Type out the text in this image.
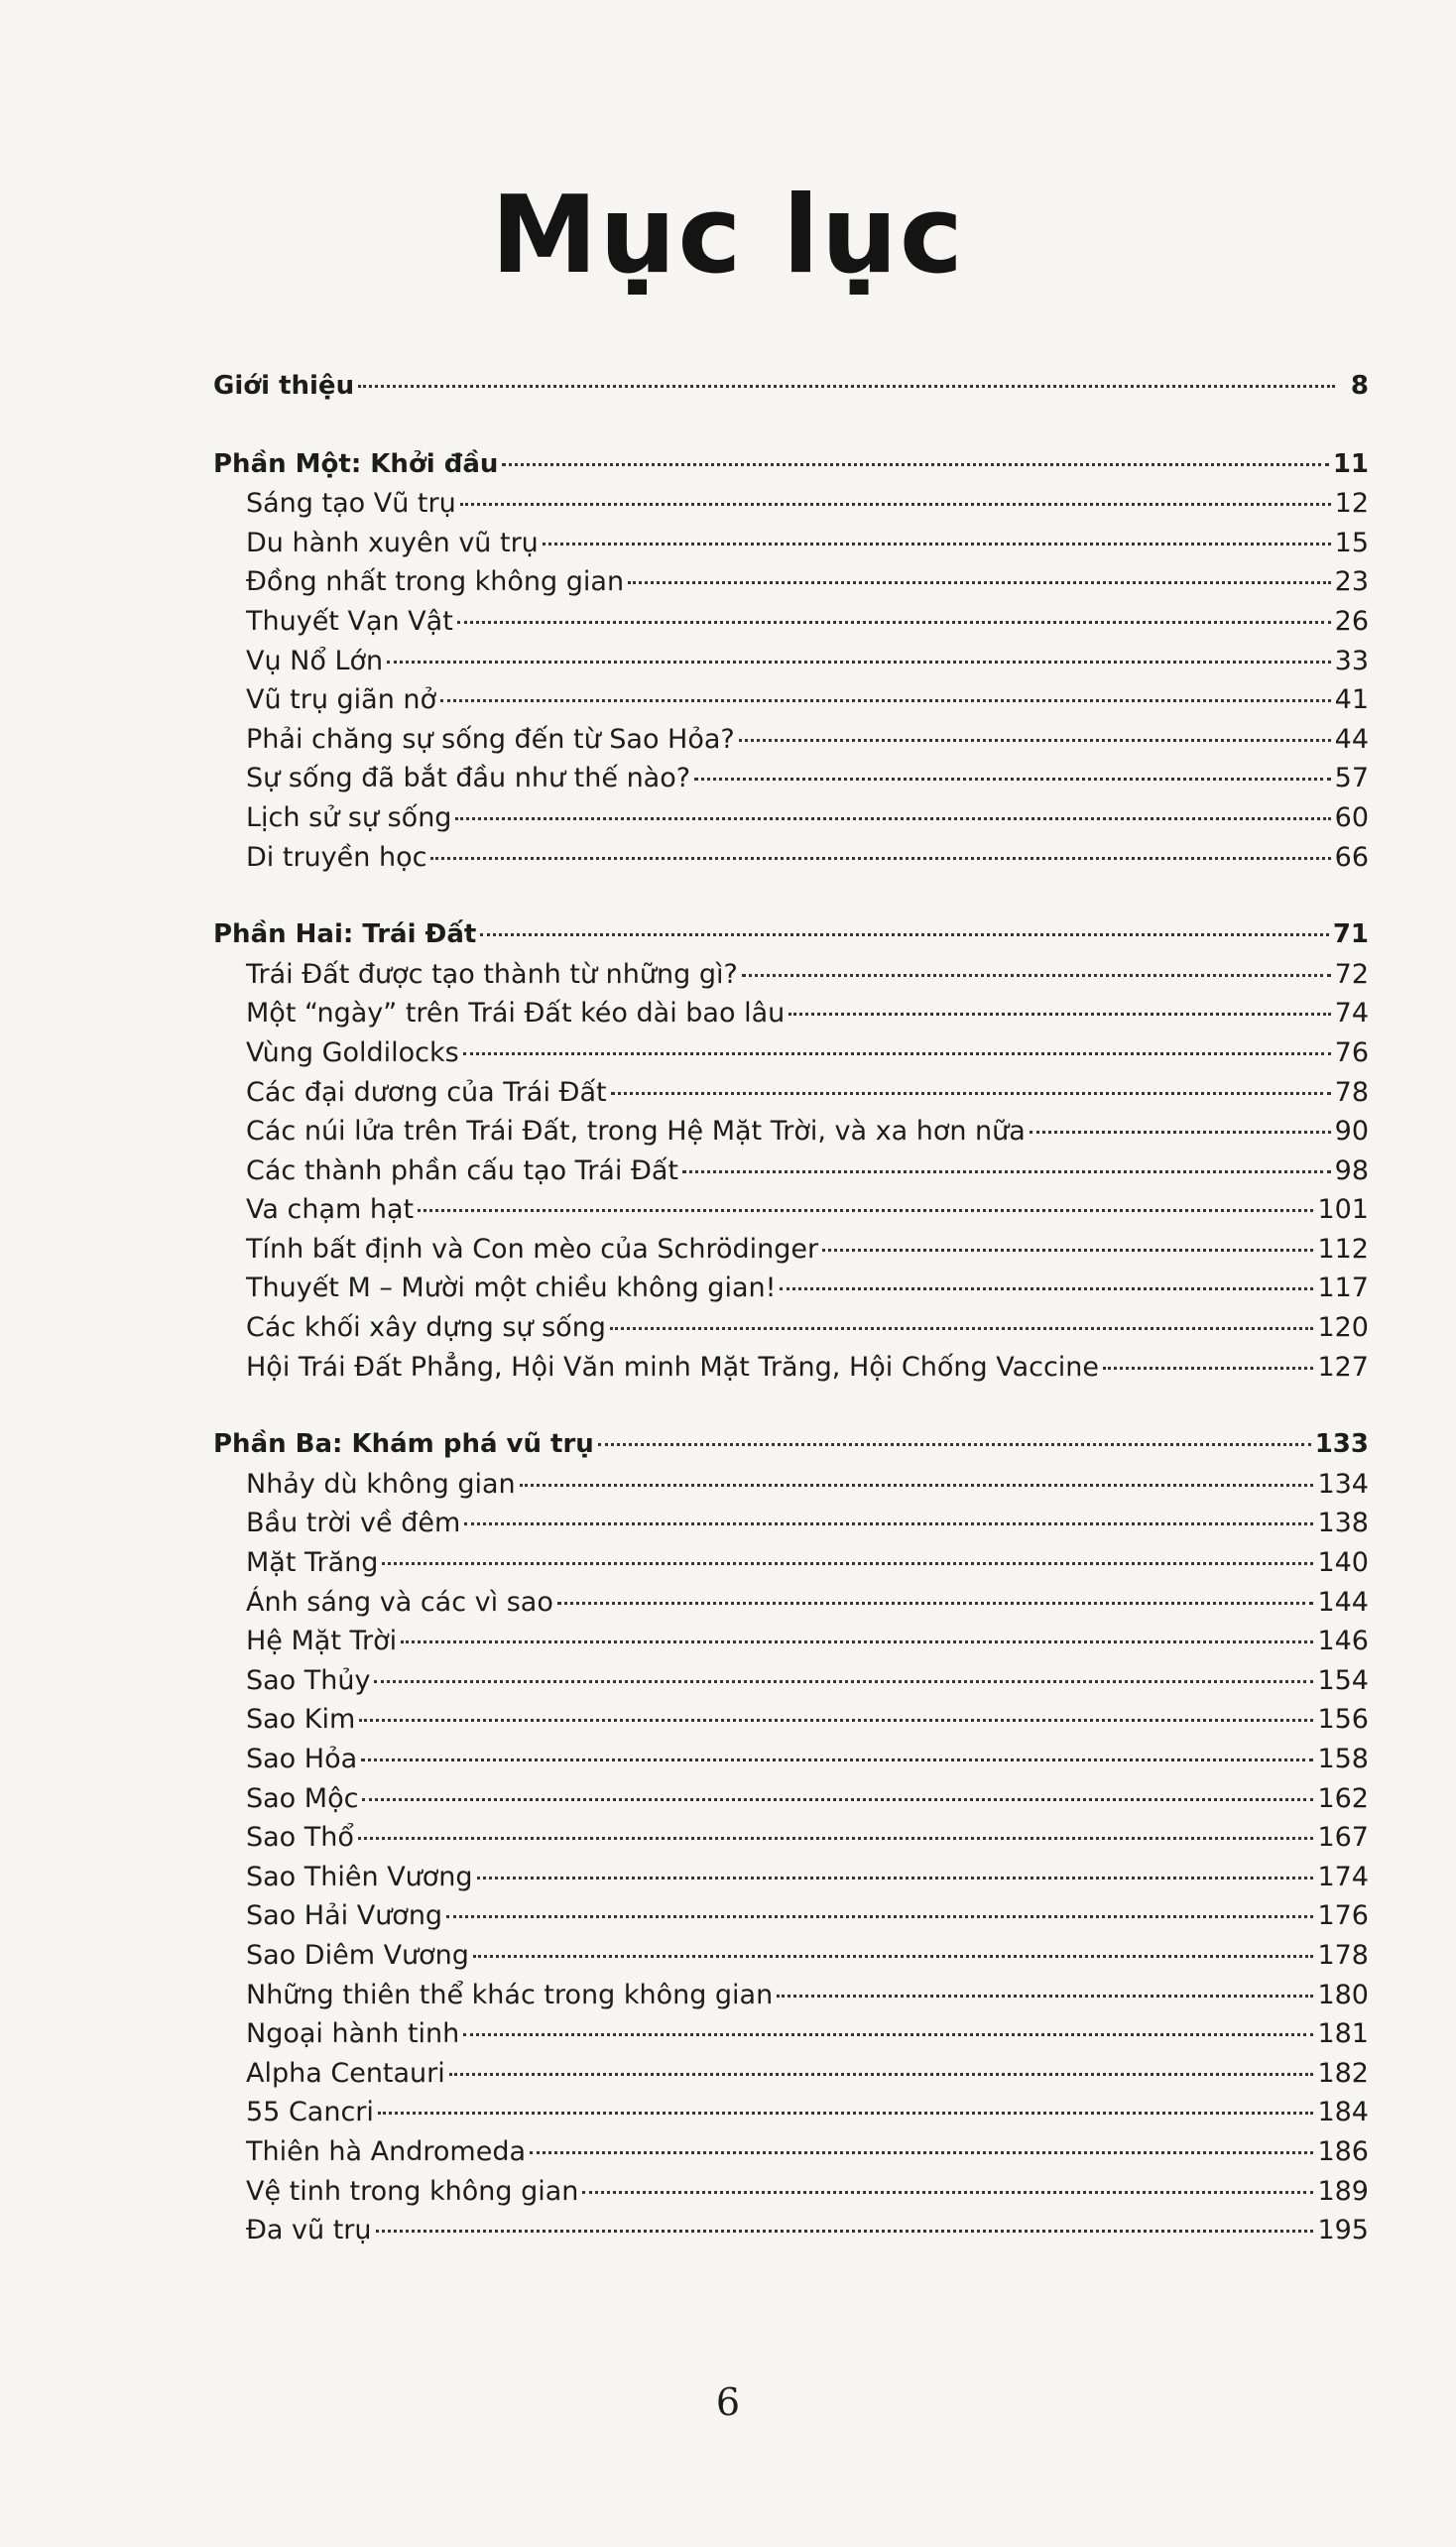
Mục lục
Giới thiệu	8
Phần Một: Khởi đầu	11
Sáng tạo Vũ trụ	12
Du hành xuyên vũ trụ	15
Đồng nhất trong không gian	23
Thuyết Vạn Vật	26
Vụ Nổ Lớn	33
Vũ trụ giãn nở	41
Phải chăng sự sống đến từ Sao Hỏa?	44
Sự sống đã bắt đầu như thế nào?	57
Lịch sử sự sống	60
Di truyền học	66
Phần Hai: Trái Đất	71
Trái Đất được tạo thành từ những gì?	72
Một “ngày” trên Trái Đất kéo dài bao lâu	74
Vùng Goldilocks	76
Các đại dương của Trái Đất	78
Các núi lửa trên Trái Đất, trong Hệ Mặt Trời, và xa hơn nữa	90
Các thành phần cấu tạo Trái Đất	98
Va chạm hạt	101
Tính bất định và Con mèo của Schrödinger	112
Thuyết M – Mười một chiều không gian!	117
Các khối xây dựng sự sống	120
Hội Trái Đất Phẳng, Hội Văn minh Mặt Trăng, Hội Chống Vaccine	127
Phần Ba: Khám phá vũ trụ	133
Nhảy dù không gian	134
Bầu trời về đêm	138
Mặt Trăng	140
Ánh sáng và các vì sao	144
Hệ Mặt Trời	146
Sao Thủy	154
Sao Kim	156
Sao Hỏa	158
Sao Mộc	162
Sao Thổ	167
Sao Thiên Vương	174
Sao Hải Vương	176
Sao Diêm Vương	178
Những thiên thể khác trong không gian	180
Ngoại hành tinh	181
Alpha Centauri	182
55 Cancri	184
Thiên hà Andromeda	186
Vệ tinh trong không gian	189
Đa vũ trụ	195
6
